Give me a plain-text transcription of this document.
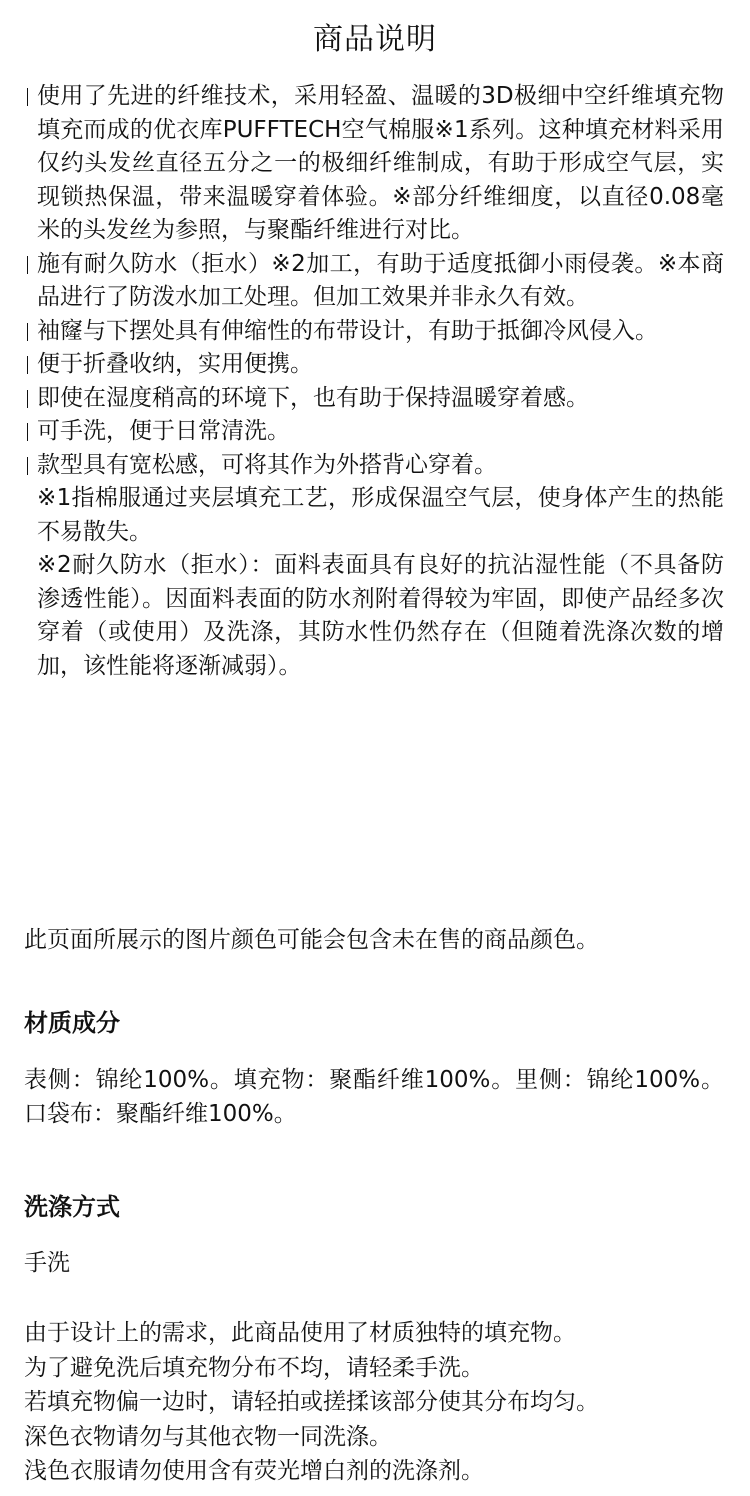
商品说明
使用了先进的纤维技术，采用轻盈、温暖的3D极细中空纤维填充物填充而成的优衣库PUFFTECH空气棉服※1系列。这种填充材料采用仅约头发丝直径五分之一的极细纤维制成，有助于形成空气层，实现锁热保温，带来温暖穿着体验。※部分纤维细度，以直径0.08毫米的头发丝为参照，与聚酯纤维进行对比。
施有耐久防水（拒水）※2加工，有助于适度抵御小雨侵袭。※本商品进行了防泼水加工处理。但加工效果并非永久有效。
袖窿与下摆处具有伸缩性的布带设计，有助于抵御冷风侵入。
便于折叠收纳，实用便携。
即使在湿度稍高的环境下，也有助于保持温暖穿着感。
可手洗，便于日常清洗。
款型具有宽松感，可将其作为外搭背心穿着。
※1指棉服通过夹层填充工艺，形成保温空气层，使身体产生的热能不易散失。
※2耐久防水（拒水）：面料表面具有良好的抗沾湿性能（不具备防渗透性能）。因面料表面的防水剂附着得较为牢固，即使产品经多次穿着（或使用）及洗涤，其防水性仍然存在（但随着洗涤次数的增加，该性能将逐渐减弱）。
此页面所展示的图片颜色可能会包含未在售的商品颜色。
材质成分
表侧：锦纶100%。填充物：聚酯纤维100%。里侧：锦纶100%。口袋布：聚酯纤维100%。
洗涤方式
手洗
由于设计上的需求，此商品使用了材质独特的填充物。
为了避免洗后填充物分布不均，请轻柔手洗。
若填充物偏一边时，请轻拍或搓揉该部分使其分布均匀。
深色衣物请勿与其他衣物一同洗涤。
浅色衣服请勿使用含有荧光增白剂的洗涤剂。
